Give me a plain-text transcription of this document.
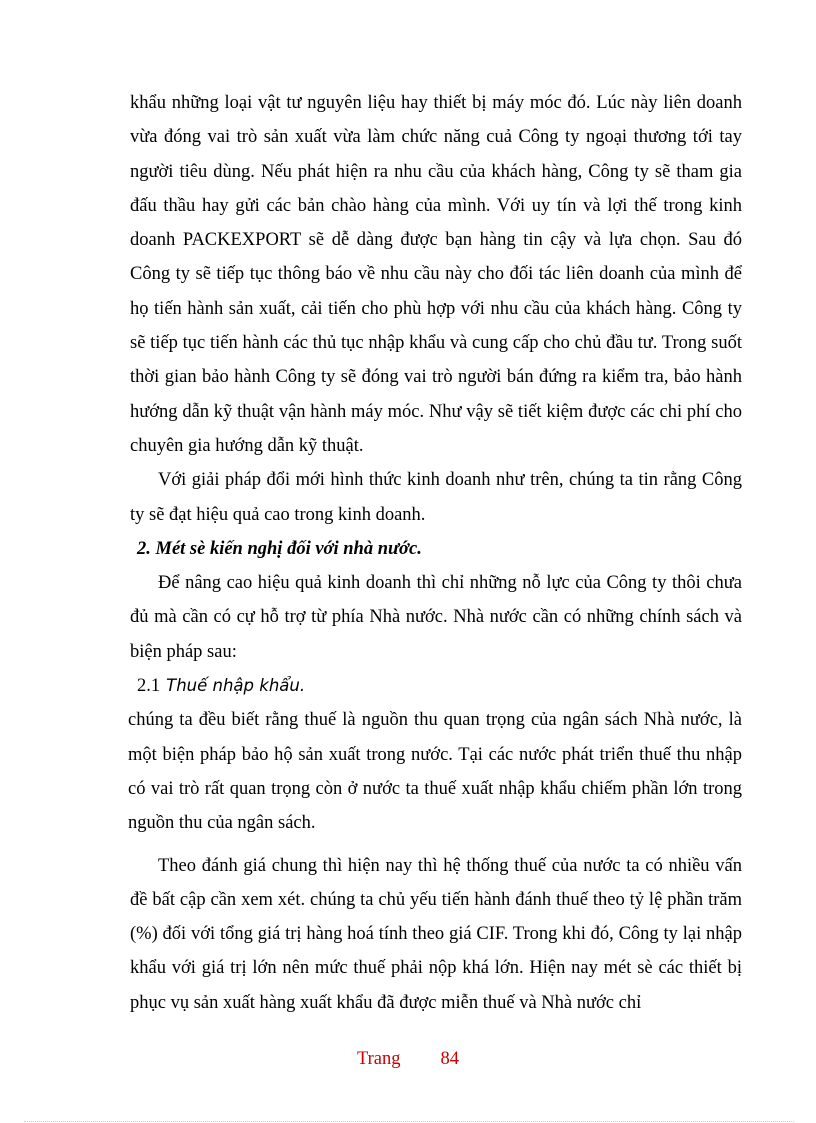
khẩu những loại vật tư nguyên liệu hay thiết bị máy móc đó. Lúc này liên doanh vừa đóng vai trò sản xuất vừa làm chức năng cuả Công ty ngoại thương tới tay người tiêu dùng. Nếu phát hiện ra nhu cầu của khách hàng, Công ty sẽ tham gia đấu thầu hay gửi các bản chào hàng của mình. Với uy tín và lợi thế trong kinh doanh PACKEXPORT sẽ dễ dàng được bạn hàng tin cậy và lựa chọn. Sau đó Công ty sẽ tiếp tục thông báo về nhu cầu này cho đối tác liên doanh của mình để họ tiến hành sản xuất, cải tiến cho phù hợp với nhu cầu của khách hàng. Công ty sẽ tiếp tục tiến hành các thủ tục nhập khẩu và cung cấp cho chủ đầu tư. Trong suốt thời gian bảo hành Công ty sẽ đóng vai trò người bán đứng ra kiểm tra, bảo hành hướng dẫn kỹ thuật vận hành máy móc. Như vậy sẽ tiết kiệm được các chi phí cho chuyên gia hướng dẫn kỹ thuật.

Với giải pháp đổi mới hình thức kinh doanh như trên, chúng ta tin rằng Công ty sẽ đạt hiệu quả cao trong kinh doanh.

2. Mét sè kiến nghị đối với nhà nước.

Để nâng cao hiệu quả kinh doanh thì chỉ những nỗ lực của Công ty thôi chưa đủ mà cần có cự hỗ trợ từ phía Nhà nước. Nhà nước cần có những chính sách và biện pháp sau:

2.1 Thuế nhập khẩu.

chúng ta đều biết rằng thuế là nguồn thu quan trọng của ngân sách Nhà nước, là một biện pháp bảo hộ sản xuất trong nước. Tại các nước phát triển thuế thu nhập có vai trò rất quan trọng còn ở nước ta thuế xuất nhập khẩu chiếm phần lớn trong nguồn thu của ngân sách.

Theo đánh giá chung thì hiện nay thì hệ thống thuế của nước ta có nhiều vấn đề bất cập cần xem xét. chúng ta chủ yếu tiến hành đánh thuế theo tỷ lệ phần trăm (%) đối với tổng giá trị hàng hoá tính theo giá CIF. Trong khi đó, Công ty lại nhập khẩu với giá trị lớn nên mức thuế phải nộp khá lớn. Hiện nay mét sè các thiết bị phục vụ sản xuất hàng xuất khẩu đã được miễn thuế và Nhà nước chỉ

Trang 84
